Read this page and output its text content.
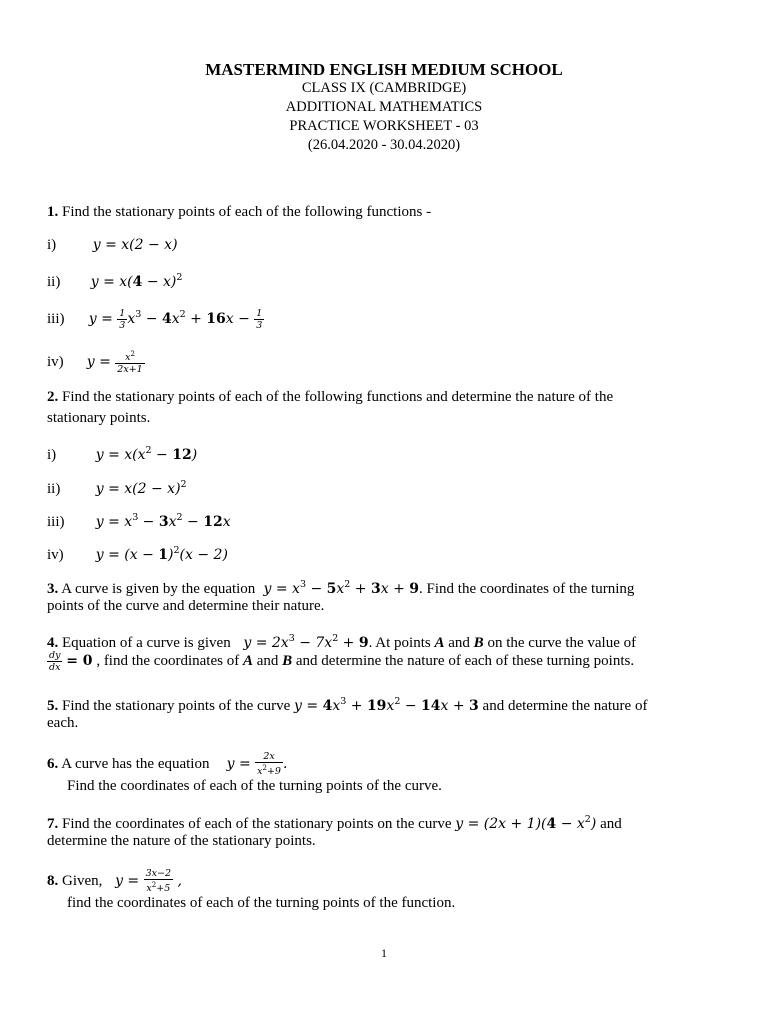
MASTERMIND ENGLISH MEDIUM SCHOOL
CLASS IX (CAMBRIDGE)
ADDITIONAL MATHEMATICS
PRACTICE WORKSHEET - 03
(26.04.2020 - 30.04.2020)
1. Find the stationary points of each of the following functions -
i)	y = x(2 − x)
ii) $y = x(4 - x)^2$
iii) $y = \frac{1}{3} x^3 - 4x^2 + 16x - \frac{1}{3}$
iv) $y = \frac{x^2}{2x+1}$
2. Find the stationary points of each of the following functions and determine the nature of the
stationary points.
i)	$y = x(x^2 - 12)$
ii)	$y = x(2 - x)^2$
iii) $y = x^3 - 3x^2 - 12x$
iv) $y = (x - 1)^2(x - 2)$
3. A curve is given by the equation  $y = x^3 - 5x^2 + 3x + 9$. Find the coordinates of the turning
points of the curve and determine their nature.
4. Equation of a curve is given   $y = 2x^3 - 7x^2 + 9$. At points A and B on the curve the value of
$\frac{dy}{dx} = 0$ , find the coordinates of A and B and determine the nature of each of these turning points.
5. Find the stationary points of the curve $y = 4x^3 + 19x^2 - 14x + 3$ and determine the nature of
each.
6. A curve has the equation    $y = \frac{2x}{x^2+9}$ .
Find the coordinates of each of the turning points of the curve.
7. Find the coordinates of each of the stationary points on the curve $y = (2x + 1)(4 - x^2)$ and
determine the nature of the stationary points.
8. Given,   $y = \frac{3x-2}{x^2+5}$ ,
find the coordinates of each of the turning points of the function.
1
